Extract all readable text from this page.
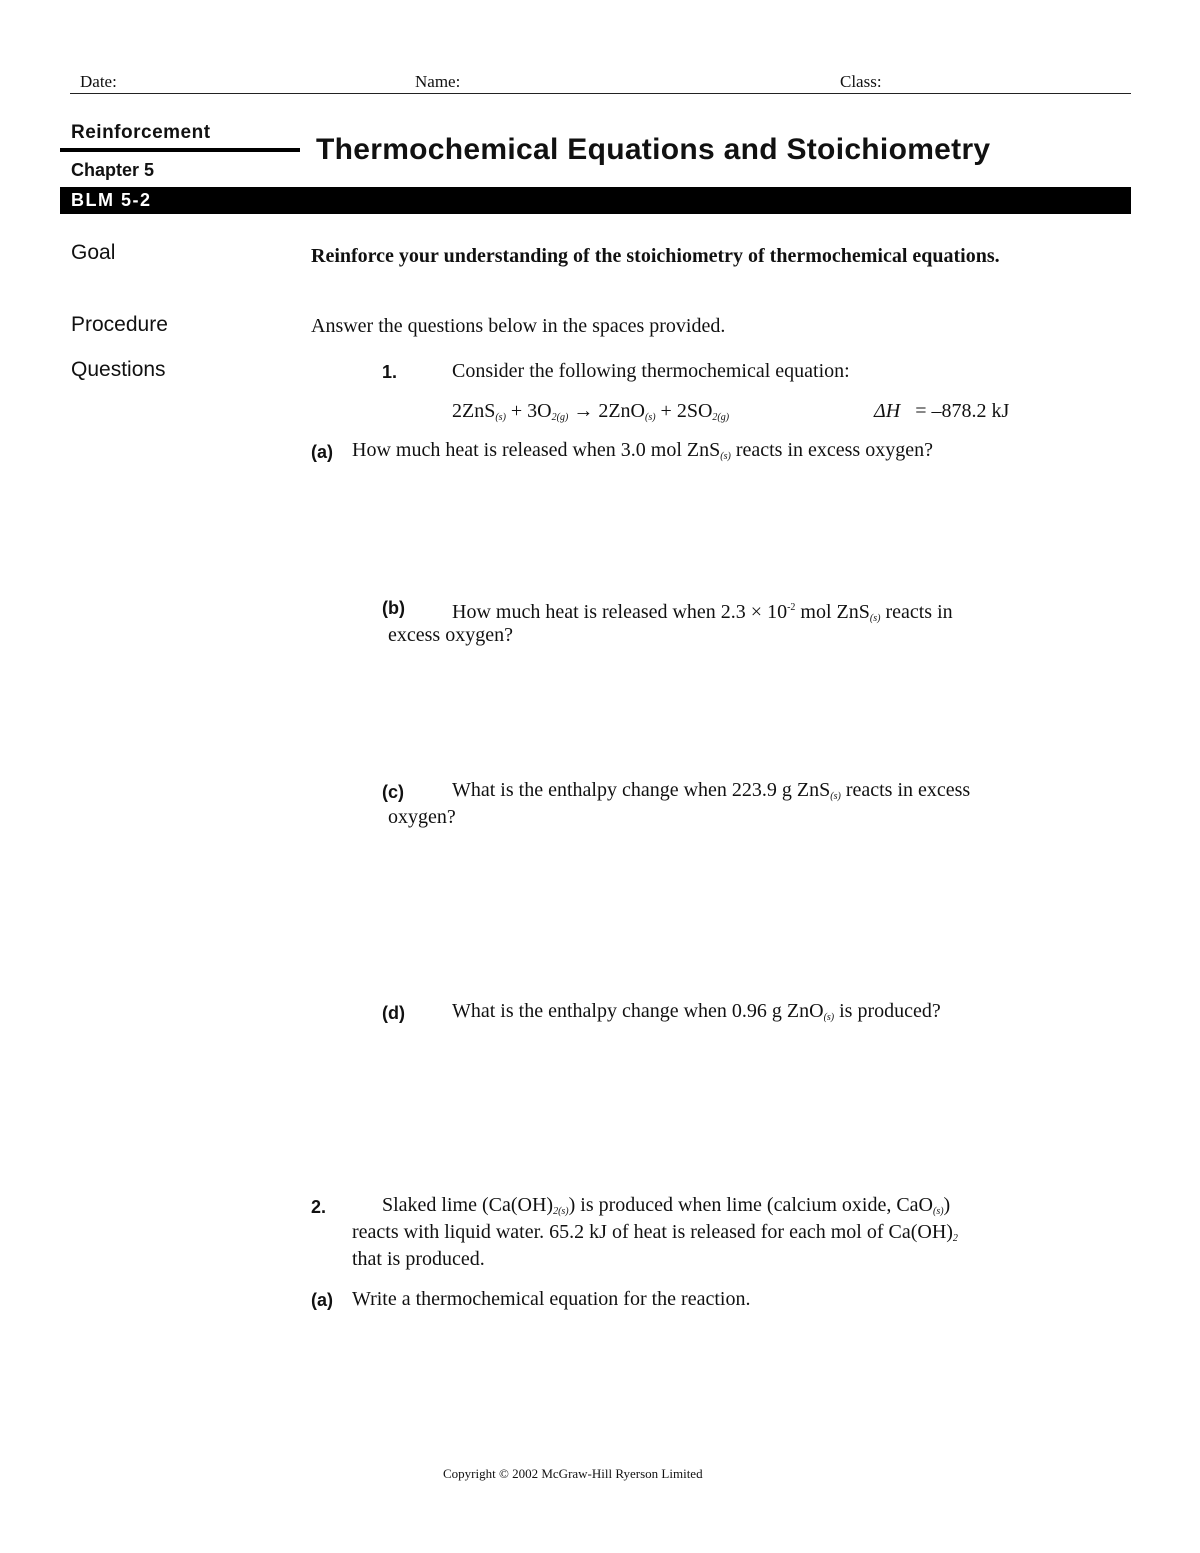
Date:	Name:	Class:
Reinforcement
Chapter 5
Thermochemical Equations and Stoichiometry
BLM 5-2
Goal
Procedure
Questions
Reinforce your understanding of the stoichiometry of thermochemical equations.
Answer the questions below in the spaces provided.
1.	Consider the following thermochemical equation:
$2ZnS_{(s)} + 3O_{2(g)} \to 2ZnO_{(s)} + 2SO_{2(g)}$	ΔH = –878.2 kJ
(a) How much heat is released when 3.0 mol ZnS$_{(s)}$ reacts in excess oxygen?
(b) How much heat is released when $2.3 \times 10^{-2}$ mol ZnS$_{(s)}$ reacts in
excess oxygen?
(c) What is the enthalpy change when 223.9 g ZnS$_{(s)}$ reacts in excess
oxygen?
(d) What is the enthalpy change when 0.96 g ZnO$_{(s)}$ is produced?
2.	Slaked lime $(Ca(OH)_{2(s)})$ is produced when lime (calcium oxide, CaO$_{(s)}$)
reacts with liquid water. 65.2 kJ of heat is released for each mol of $Ca(OH)_2$
that is produced.
(a) Write a thermochemical equation for the reaction.
Copyright © 2002 McGraw-Hill Ryerson Limited
